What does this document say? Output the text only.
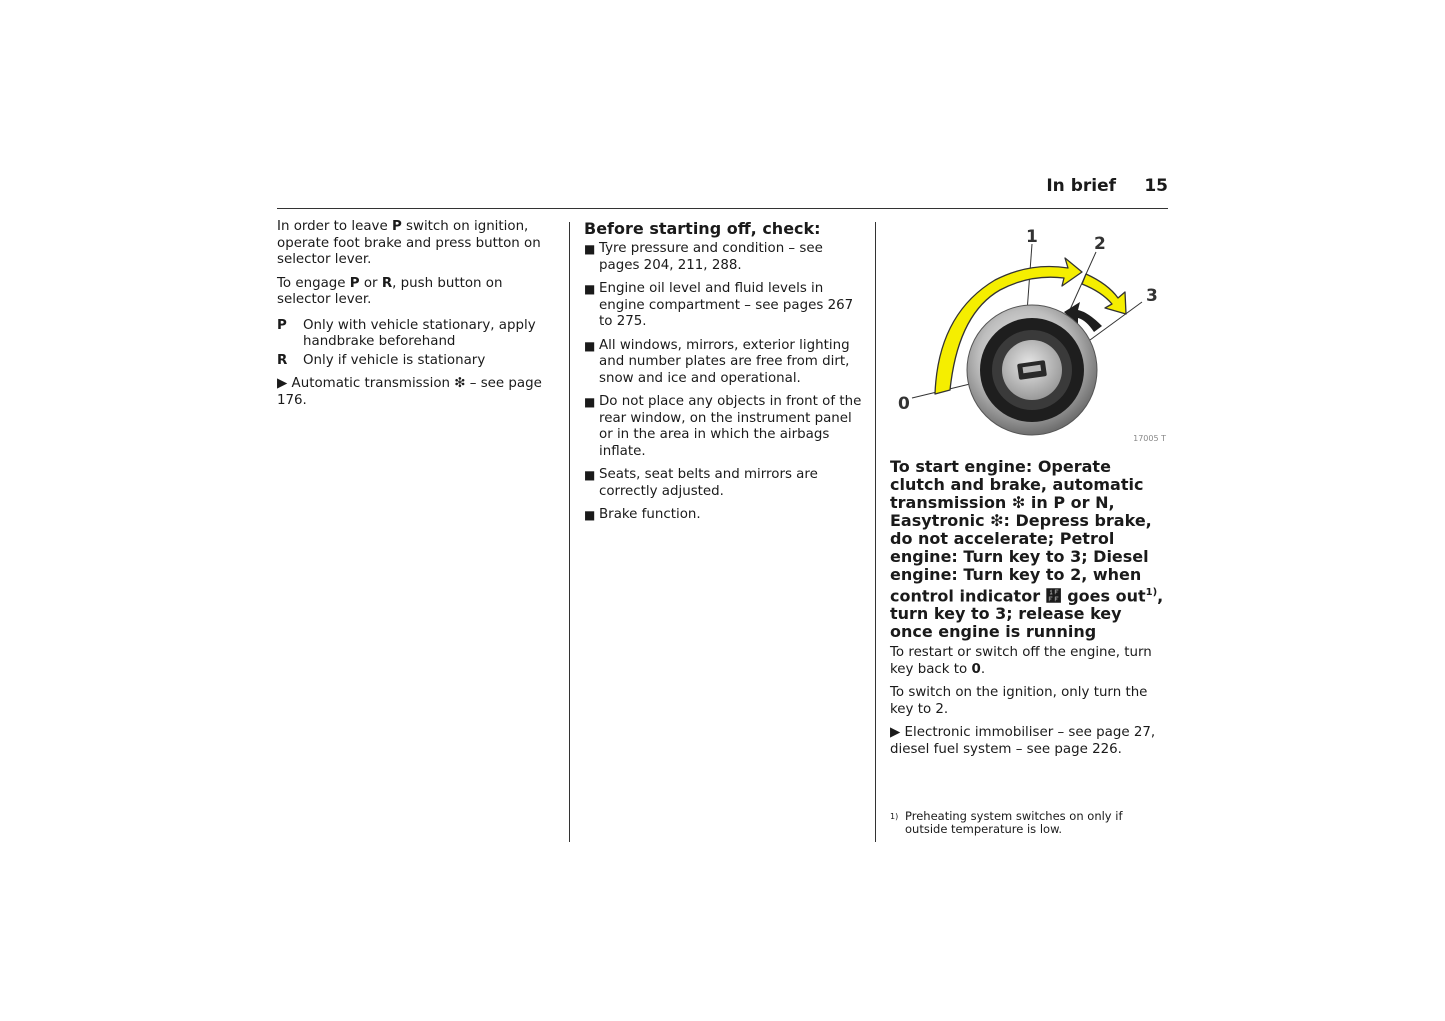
In brief 15

In order to leave P switch on ignition, operate foot brake and press button on selector lever.

To engage P or R, push button on selector lever.

P	Only with vehicle stationary, apply handbrake beforehand
R	Only if vehicle is stationary

▶ Automatic transmission ❇ – see page 176.

Before starting off, check:
■ Tyre pressure and condition – see pages 204, 211, 288.
■ Engine oil level and fluid levels in engine compartment – see pages 267 to 275.
■ All windows, mirrors, exterior lighting and number plates are free from dirt, snow and ice and operational.
■ Do not place any objects in front of the rear window, on the instrument panel or in the area in which the airbags inflate.
■ Seats, seat belts and mirrors are correctly adjusted.
■ Brake function.
0
1	2
3
17005 T
To start engine: Operate clutch and brake, automatic transmission ❇ in P or N, Easytronic ❇: Depress brake, do not accelerate; Petrol engine: Turn key to 3; Diesel engine: Turn key to 2, when control indicator ῿ goes out$^{1)}$, turn key to 3; release key once engine is running

To restart or switch off the engine, turn key back to 0.

To switch on the ignition, only turn the key to 2.

▶ Electronic immobiliser – see page 27, diesel fuel system – see page 226.

1) Preheating system switches on only if outside temperature is low.
